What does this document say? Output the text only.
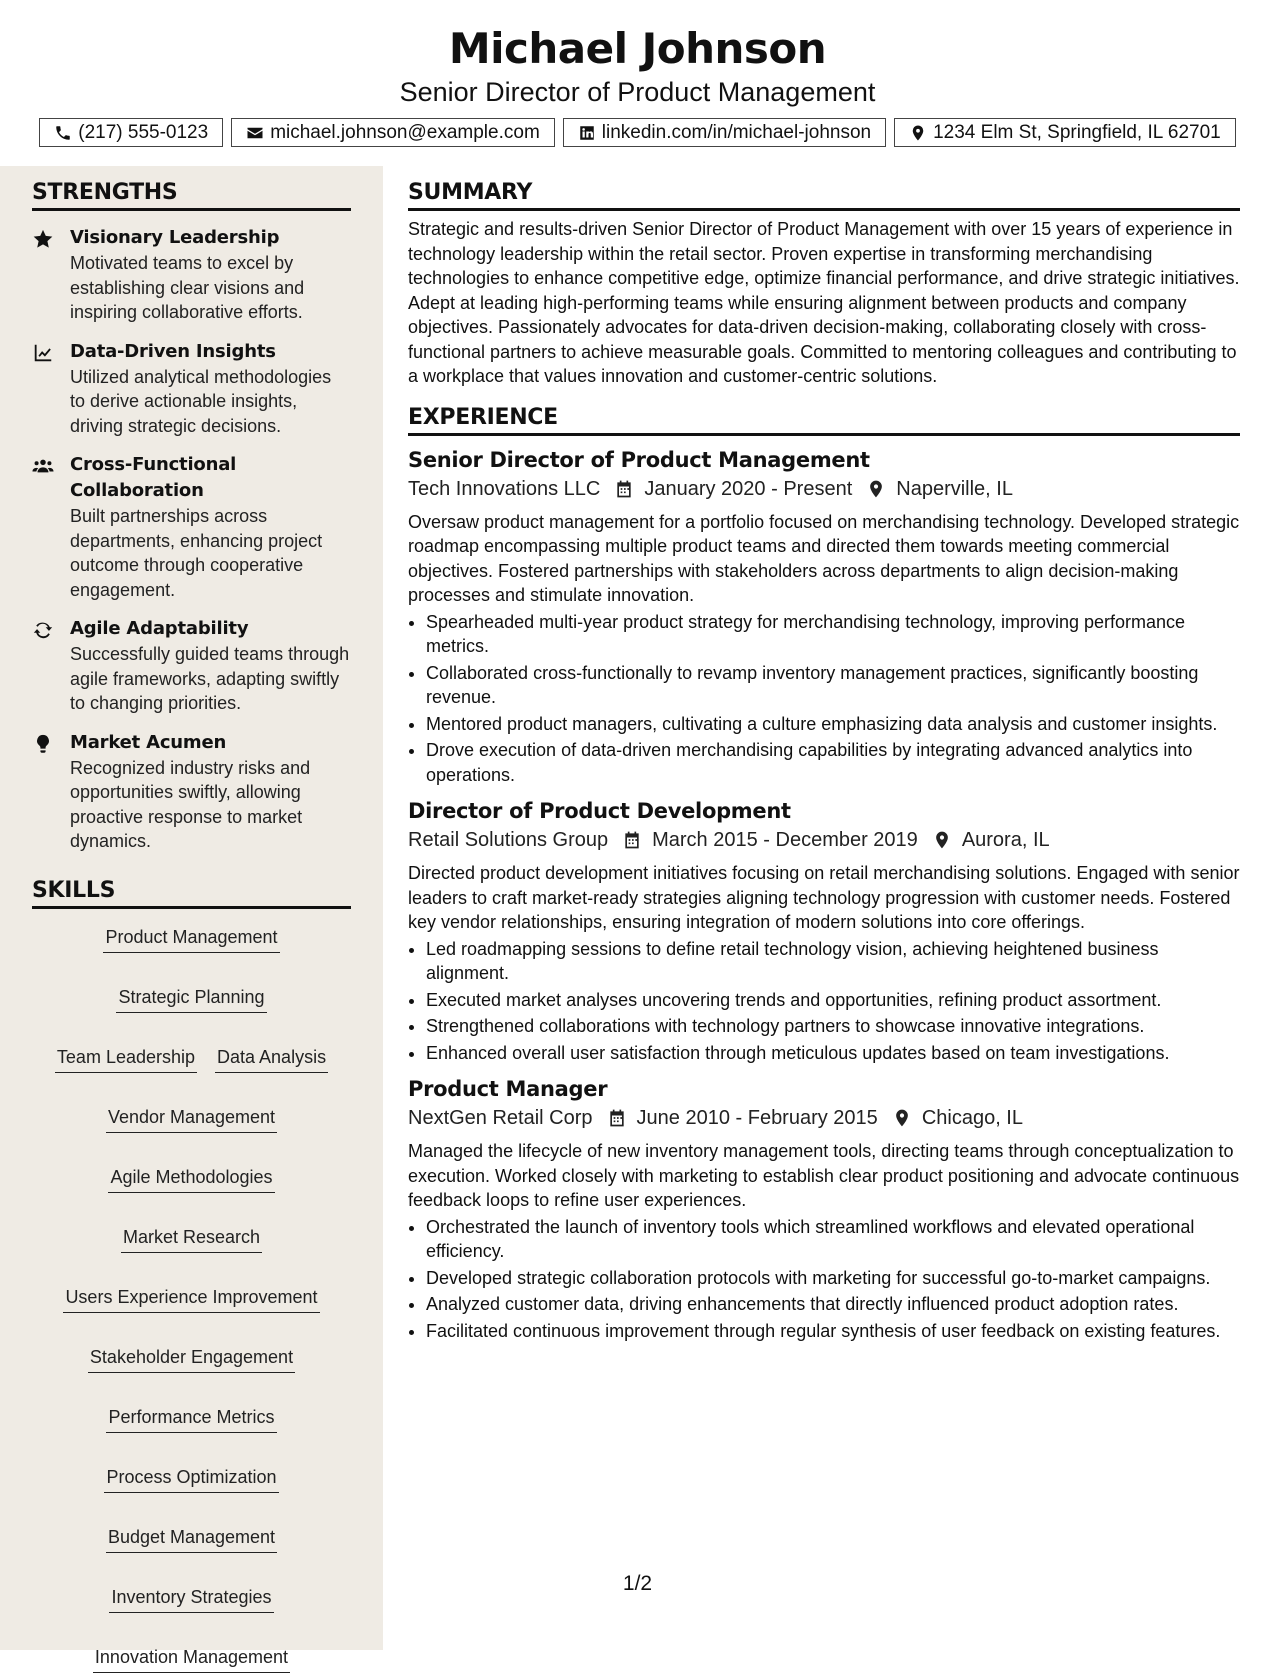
Michael Johnson
Senior Director of Product Management
(217) 555-0123	michael.johnson@example.com	linkedin.com/in/michael-johnson	1234 Elm St, Springfield, IL 62701
STRENGTHS
Visionary Leadership
Motivated teams to excel by establishing clear visions and inspiring collaborative efforts.
Data-Driven Insights
Utilized analytical methodologies to derive actionable insights, driving strategic decisions.
Cross-Functional Collaboration
Built partnerships across departments, enhancing project outcome through cooperative engagement.
Agile Adaptability
Successfully guided teams through agile frameworks, adapting swiftly to changing priorities.
Market Acumen
Recognized industry risks and opportunities swiftly, allowing proactive response to market dynamics.
SKILLS
Product Management
Strategic Planning
Team Leadership Data Analysis
Vendor Management
Agile Methodologies
Market Research
Users Experience Improvement
Stakeholder Engagement
Performance Metrics
Process Optimization
Budget Management
Inventory Strategies
Innovation Management
SUMMARY

Strategic and results-driven Senior Director of Product Management with over 15 years of experience in technology leadership within the retail sector. Proven expertise in transforming merchandising technologies to enhance competitive edge, optimize financial performance, and drive strategic initiatives. Adept at leading high-performing teams while ensuring alignment between products and company objectives. Passionately advocates for data-driven decision-making, collaborating closely with cross-functional partners to achieve measurable goals. Committed to mentoring colleagues and contributing to a workplace that values innovation and customer-centric solutions.

EXPERIENCE
Senior Director of Product Management
Tech Innovations LLC January 2020 - Present Naperville, IL

Oversaw product management for a portfolio focused on merchandising technology. Developed strategic roadmap encompassing multiple product teams and directed them towards meeting commercial objectives. Fostered partnerships with stakeholders across departments to align decision-making processes and stimulate innovation.

• Spearheaded multi-year product strategy for merchandising technology, improving performance metrics.
• Collaborated cross-functionally to revamp inventory management practices, significantly boosting revenue.
• Mentored product managers, cultivating a culture emphasizing data analysis and customer insights.
• Drove execution of data-driven merchandising capabilities by integrating advanced analytics into operations.
Director of Product Development
Retail Solutions Group March 2015 - December 2019 Aurora, IL

Directed product development initiatives focusing on retail merchandising solutions. Engaged with senior leaders to craft market-ready strategies aligning technology progression with customer needs. Fostered key vendor relationships, ensuring integration of modern solutions into core offerings.

• Led roadmapping sessions to define retail technology vision, achieving heightened business alignment.
• Executed market analyses uncovering trends and opportunities, refining product assortment.
• Strengthened collaborations with technology partners to showcase innovative integrations.
• Enhanced overall user satisfaction through meticulous updates based on team investigations.
Product Manager
NextGen Retail Corp June 2010 - February 2015 Chicago, IL

Managed the lifecycle of new inventory management tools, directing teams through conceptualization to execution. Worked closely with marketing to establish clear product positioning and advocate continuous feedback loops to refine user experiences.

• Orchestrated the launch of inventory tools which streamlined workflows and elevated operational efficiency.
• Developed strategic collaboration protocols with marketing for successful go-to-market campaigns.
• Analyzed customer data, driving enhancements that directly influenced product adoption rates.
• Facilitated continuous improvement through regular synthesis of user feedback on existing features.
1/2
